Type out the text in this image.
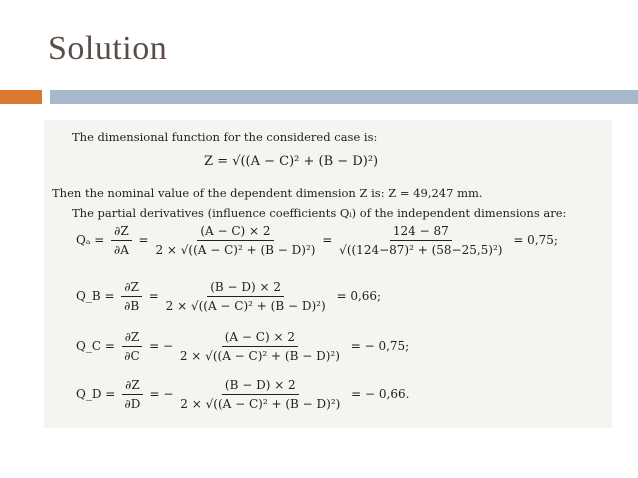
Solution
The dimensional function for the considered case is:
Z = √((A − C)² + (B − D)²)
Then the nominal value of the dependent dimension Z is: Z = 49,247 mm.
The partial derivatives (influence coefficients Qᵢ) of the independent dimensions are:
$Q_a = \frac{\partial Z}{\partial A} = \frac{(A - C) \times 2}{\text{2 × √((A − C)² + (B − D)²)}} = \frac{124 - 87}{\text{√((124−87)² + (58−25,5)²)}} = 0,75$;
Q_B = $\frac{\partial Z}{\partial B} = \frac{(B - D) \times 2}{\text{2 × √((A − C)² + (B − D)²)}} = 0,66$;
Q_C = $\frac{\partial Z}{\partial C}$ = − $\frac{(A - C) \times 2}{\text{2 × √((A − C)² + (B − D)²)}}$ = − 0,75;
Q_D = $\frac{\partial Z}{\partial D}$ = − $\frac{(B - D) \times 2}{\text{2 × √((A − C)² + (B − D)²)}}$ = − 0,66.
